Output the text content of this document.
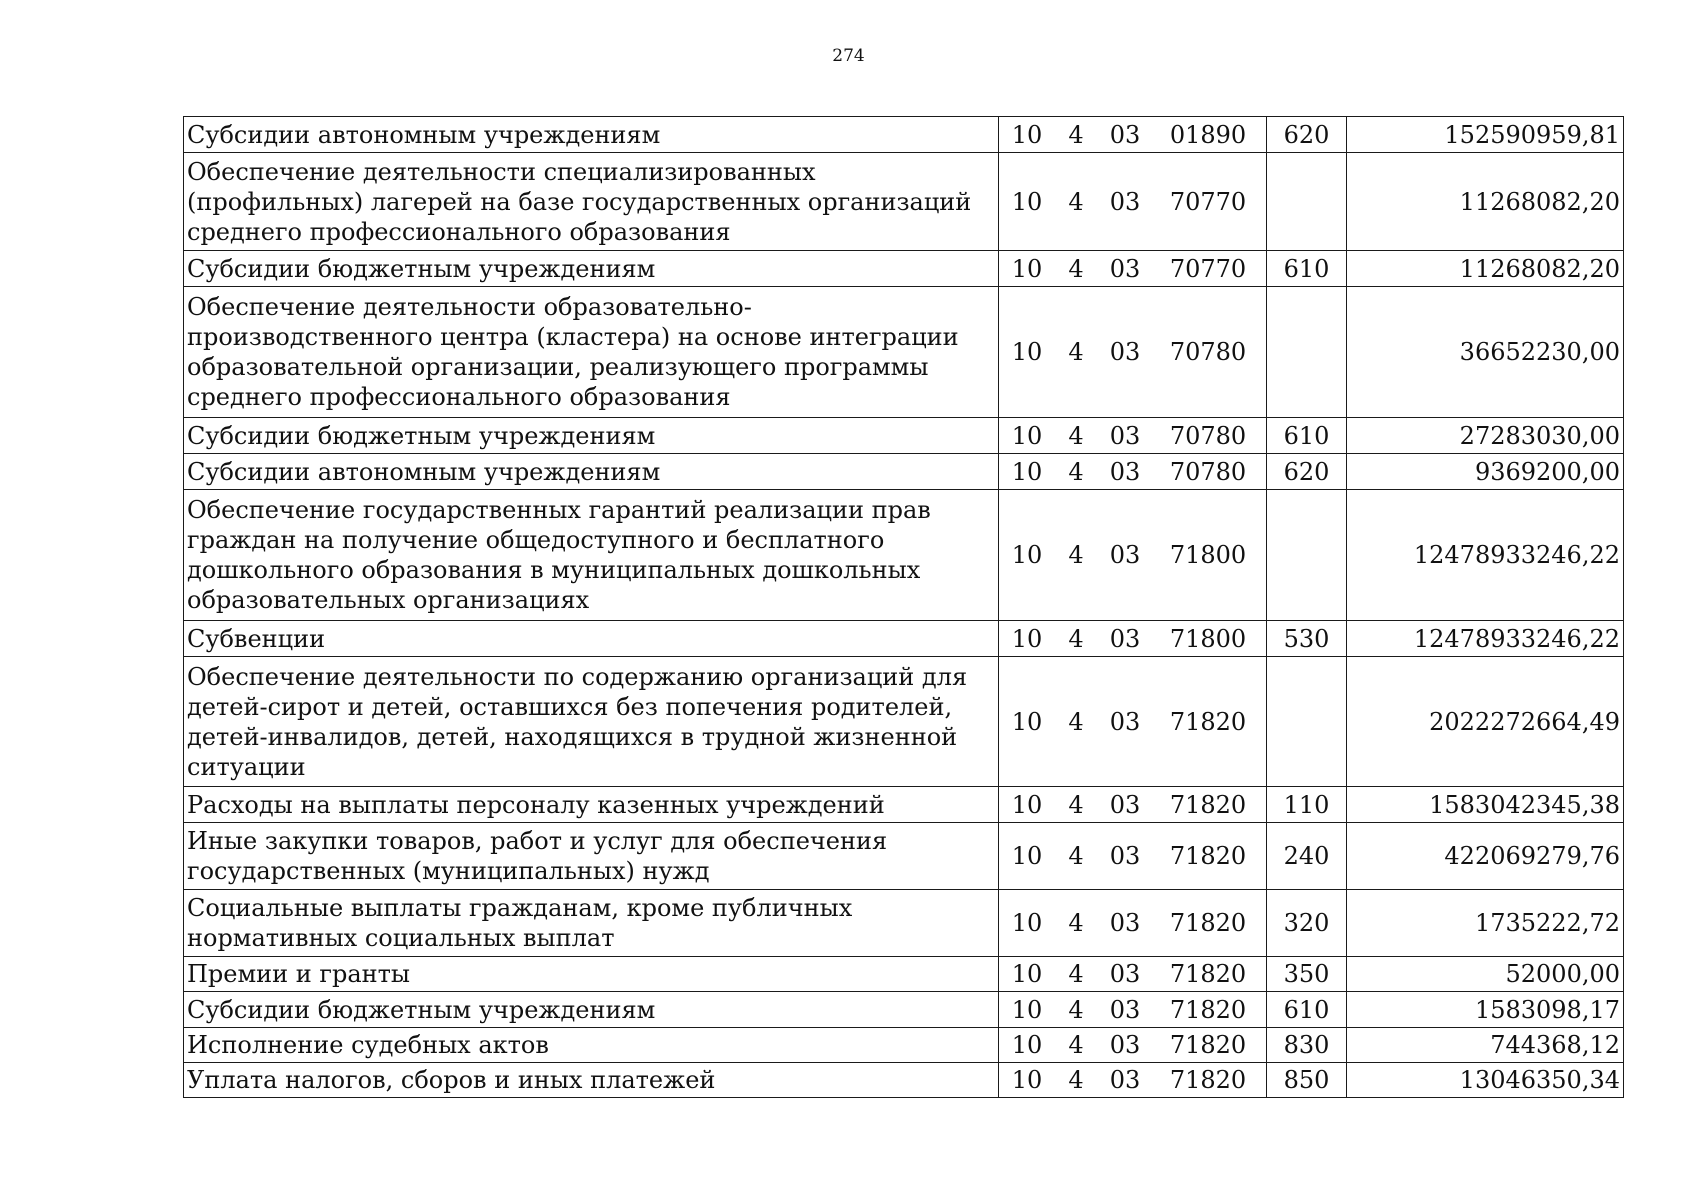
274
Субсидии автономным учреждениям	10 4 03 01890	620	152590959,81
Обеспечение деятельности специализированных (профильных) лагерей на базе государственных организаций среднего профессионального образования	10 4 03 70770		11268082,20
Субсидии бюджетным учреждениям	10 4 03 70770	610	11268082,20
Обеспечение деятельности образовательно-производственного центра (кластера) на основе интеграции образовательной организации, реализующего программы среднего профессионального образования	10 4 03 70780		36652230,00
Субсидии бюджетным учреждениям	10 4 03 70780	610	27283030,00
Субсидии автономным учреждениям	10 4 03 70780	620	9369200,00
Обеспечение государственных гарантий реализации прав граждан на получение общедоступного и бесплатного дошкольного образования в муниципальных дошкольных образовательных организациях	10 4 03 71800		12478933246,22
Субвенции	10 4 03 71800	530	12478933246,22
Обеспечение деятельности по содержанию организаций для детей-сирот и детей, оставшихся без попечения родителей, детей-инвалидов, детей, находящихся в трудной жизненной ситуации	10 4 03 71820		2022272664,49
Расходы на выплаты персоналу казенных учреждений	10 4 03 71820	110	1583042345,38
Иные закупки товаров, работ и услуг для обеспечения государственных (муниципальных) нужд	10 4 03 71820	240	422069279,76
Социальные выплаты гражданам, кроме публичных нормативных социальных выплат	10 4 03 71820	320	1735222,72
Премии и гранты	10 4 03 71820	350	52000,00
Субсидии бюджетным учреждениям	10 4 03 71820	610	1583098,17
Исполнение судебных актов	10 4 03 71820	830	744368,12
Уплата налогов, сборов и иных платежей	10 4 03 71820	850	13046350,34
